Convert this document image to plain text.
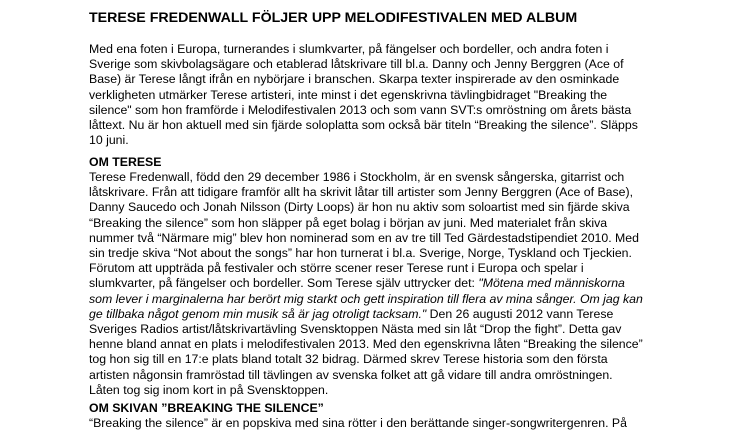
TERESE FREDENWALL FÖLJER UPP MELODIFESTIVALEN MED ALBUM
Med ena foten i Europa, turnerandes i slumkvarter, på fängelser och bordeller, och andra foten i
Sverige som skivbolagsägare och etablerad låtskrivare till bl.a. Danny och Jenny Berggren (Ace of
Base) är Terese långt ifrån en nybörjare i branschen. Skarpa texter inspirerade av den osminkade
verkligheten utmärker Terese artisteri, inte minst i det egenskrivna tävlingbidraget "Breaking the
silence" som hon framförde i Melodifestivalen 2013 och som vann SVT:s omröstning om årets bästa
låttext. Nu är hon aktuell med sin fjärde soloplatta som också bär titeln “Breaking the silence”. Släpps
10 juni.
OM TERESE
Terese Fredenwall, född den 29 december 1986 i Stockholm, är en svensk sångerska, gitarrist och
låtskrivare. Från att tidigare framför allt ha skrivit låtar till artister som Jenny Berggren (Ace of Base),
Danny Saucedo och Jonah Nilsson (Dirty Loops) är hon nu aktiv som soloartist med sin fjärde skiva
“Breaking the silence” som hon släpper på eget bolag i början av juni. Med materialet från skiva
nummer två “Närmare mig” blev hon nominerad som en av tre till Ted Gärdestadstipendiet 2010. Med
sin tredje skiva “Not about the songs” har hon turnerat i bl.a. Sverige, Norge, Tyskland och Tjeckien.
Förutom att uppträda på festivaler och större scener reser Terese runt i Europa och spelar i
slumkvarter, på fängelser och bordeller. Som Terese själv uttrycker det: "Mötena med människorna
som lever i marginalerna har berört mig starkt och gett inspiration till flera av mina sånger. Om jag kan
ge tillbaka något genom min musik så är jag otroligt tacksam." Den 26 augusti 2012 vann Terese
Sveriges Radios artist/låtskrivartävling Svensktoppen Nästa med sin låt “Drop the fight”. Detta gav
henne bland annat en plats i melodifestivalen 2013. Med den egenskrivna låten “Breaking the silence”
tog hon sig till en 17:e plats bland totalt 32 bidrag. Därmed skrev Terese historia som den första
artisten någonsin framröstad till tävlingen av svenska folket att gå vidare till andra omröstningen.
Låten tog sig inom kort in på Svensktoppen.
OM SKIVAN ”BREAKING THE SILENCE”
“Breaking the silence” är en popskiva med sina rötter i den berättande singer-songwritergenren. På
